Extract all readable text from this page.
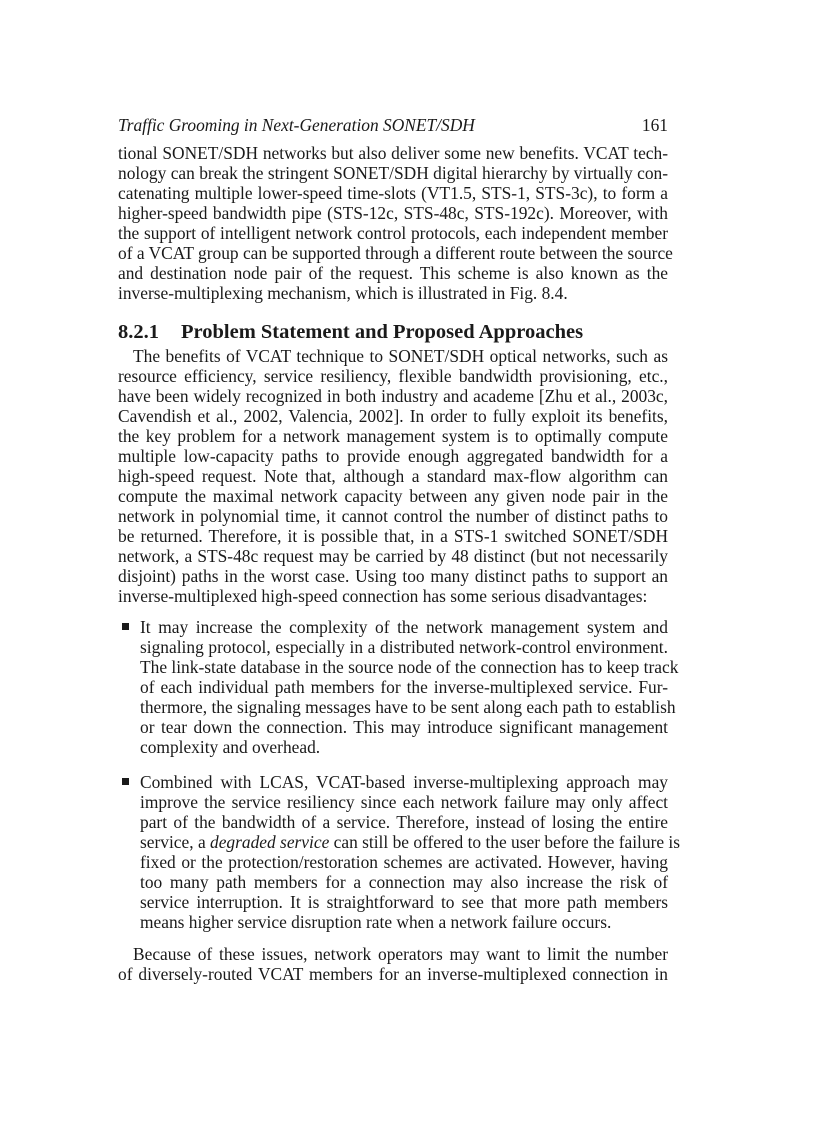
Traffic Grooming in Next-Generation SONET/SDH	161
tional SONET/SDH networks but also deliver some new benefits. VCAT tech-
nology can break the stringent SONET/SDH digital hierarchy by virtually con-
catenating multiple lower-speed time-slots (VT1.5, STS-1, STS-3c), to form a
higher-speed bandwidth pipe (STS-12c, STS-48c, STS-192c). Moreover, with
the support of intelligent network control protocols, each independent member
of a VCAT group can be supported through a different route between the source
and destination node pair of the request. This scheme is also known as the
inverse-multiplexing mechanism, which is illustrated in Fig. 8.4.
8.2.1 Problem Statement and Proposed Approaches
The benefits of VCAT technique to SONET/SDH optical networks, such as
resource efficiency, service resiliency, flexible bandwidth provisioning, etc.,
have been widely recognized in both industry and academe [Zhu et al., 2003c,
Cavendish et al., 2002, Valencia, 2002]. In order to fully exploit its benefits,
the key problem for a network management system is to optimally compute
multiple low-capacity paths to provide enough aggregated bandwidth for a
high-speed request. Note that, although a standard max-flow algorithm can
compute the maximal network capacity between any given node pair in the
network in polynomial time, it cannot control the number of distinct paths to
be returned. Therefore, it is possible that, in a STS-1 switched SONET/SDH
network, a STS-48c request may be carried by 48 distinct (but not necessarily
disjoint) paths in the worst case. Using too many distinct paths to support an
inverse-multiplexed high-speed connection has some serious disadvantages:
It may increase the complexity of the network management system and
signaling protocol, especially in a distributed network-control environment.
The link-state database in the source node of the connection has to keep track
of each individual path members for the inverse-multiplexed service. Fur-
thermore, the signaling messages have to be sent along each path to establish
or tear down the connection. This may introduce significant management
complexity and overhead.
Combined with LCAS, VCAT-based inverse-multiplexing approach may
improve the service resiliency since each network failure may only affect
part of the bandwidth of a service. Therefore, instead of losing the entire
service, a degraded service can still be offered to the user before the failure is
fixed or the protection/restoration schemes are activated. However, having
too many path members for a connection may also increase the risk of
service interruption. It is straightforward to see that more path members
means higher service disruption rate when a network failure occurs.
Because of these issues, network operators may want to limit the number
of diversely-routed VCAT members for an inverse-multiplexed connection in
